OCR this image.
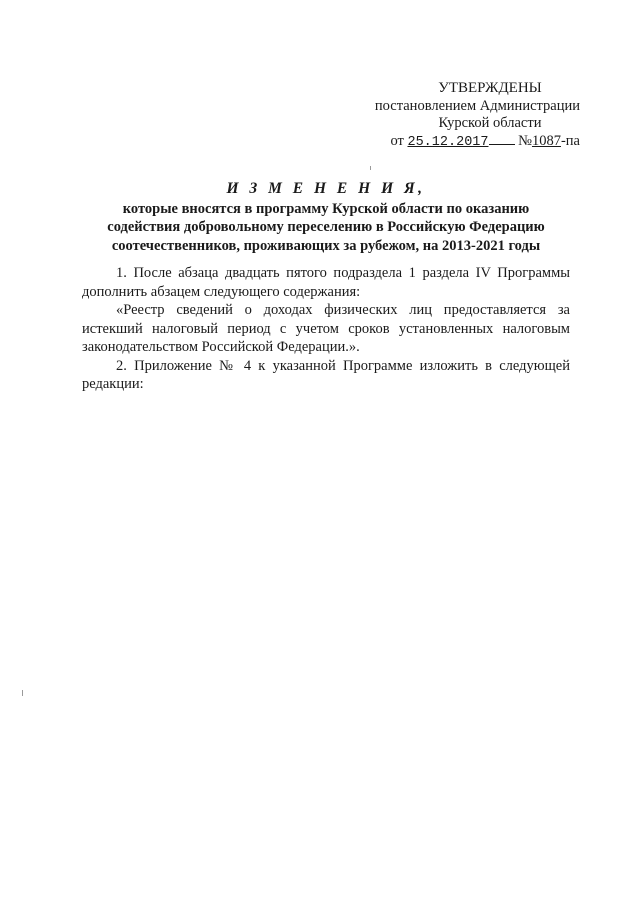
УТВЕРЖДЕНЫ
постановлением Администрации
Курской области
от 25.12.2017 №1087-па
И З М Е Н Е Н И Я,
которые вносятся в программу Курской области по оказанию
содействия добровольному переселению в Российскую Федерацию
соотечественников, проживающих за рубежом, на 2013-2021 годы

1. После абзаца двадцать пятого подраздела 1 раздела IV Программы дополнить абзацем следующего содержания:

«Реестр сведений о доходах физических лиц предоставляется за истекший налоговый период с учетом сроков установленных налоговым законодательством Российской Федерации.».

2. Приложение № 4 к указанной Программе изложить в следующей редакции:
